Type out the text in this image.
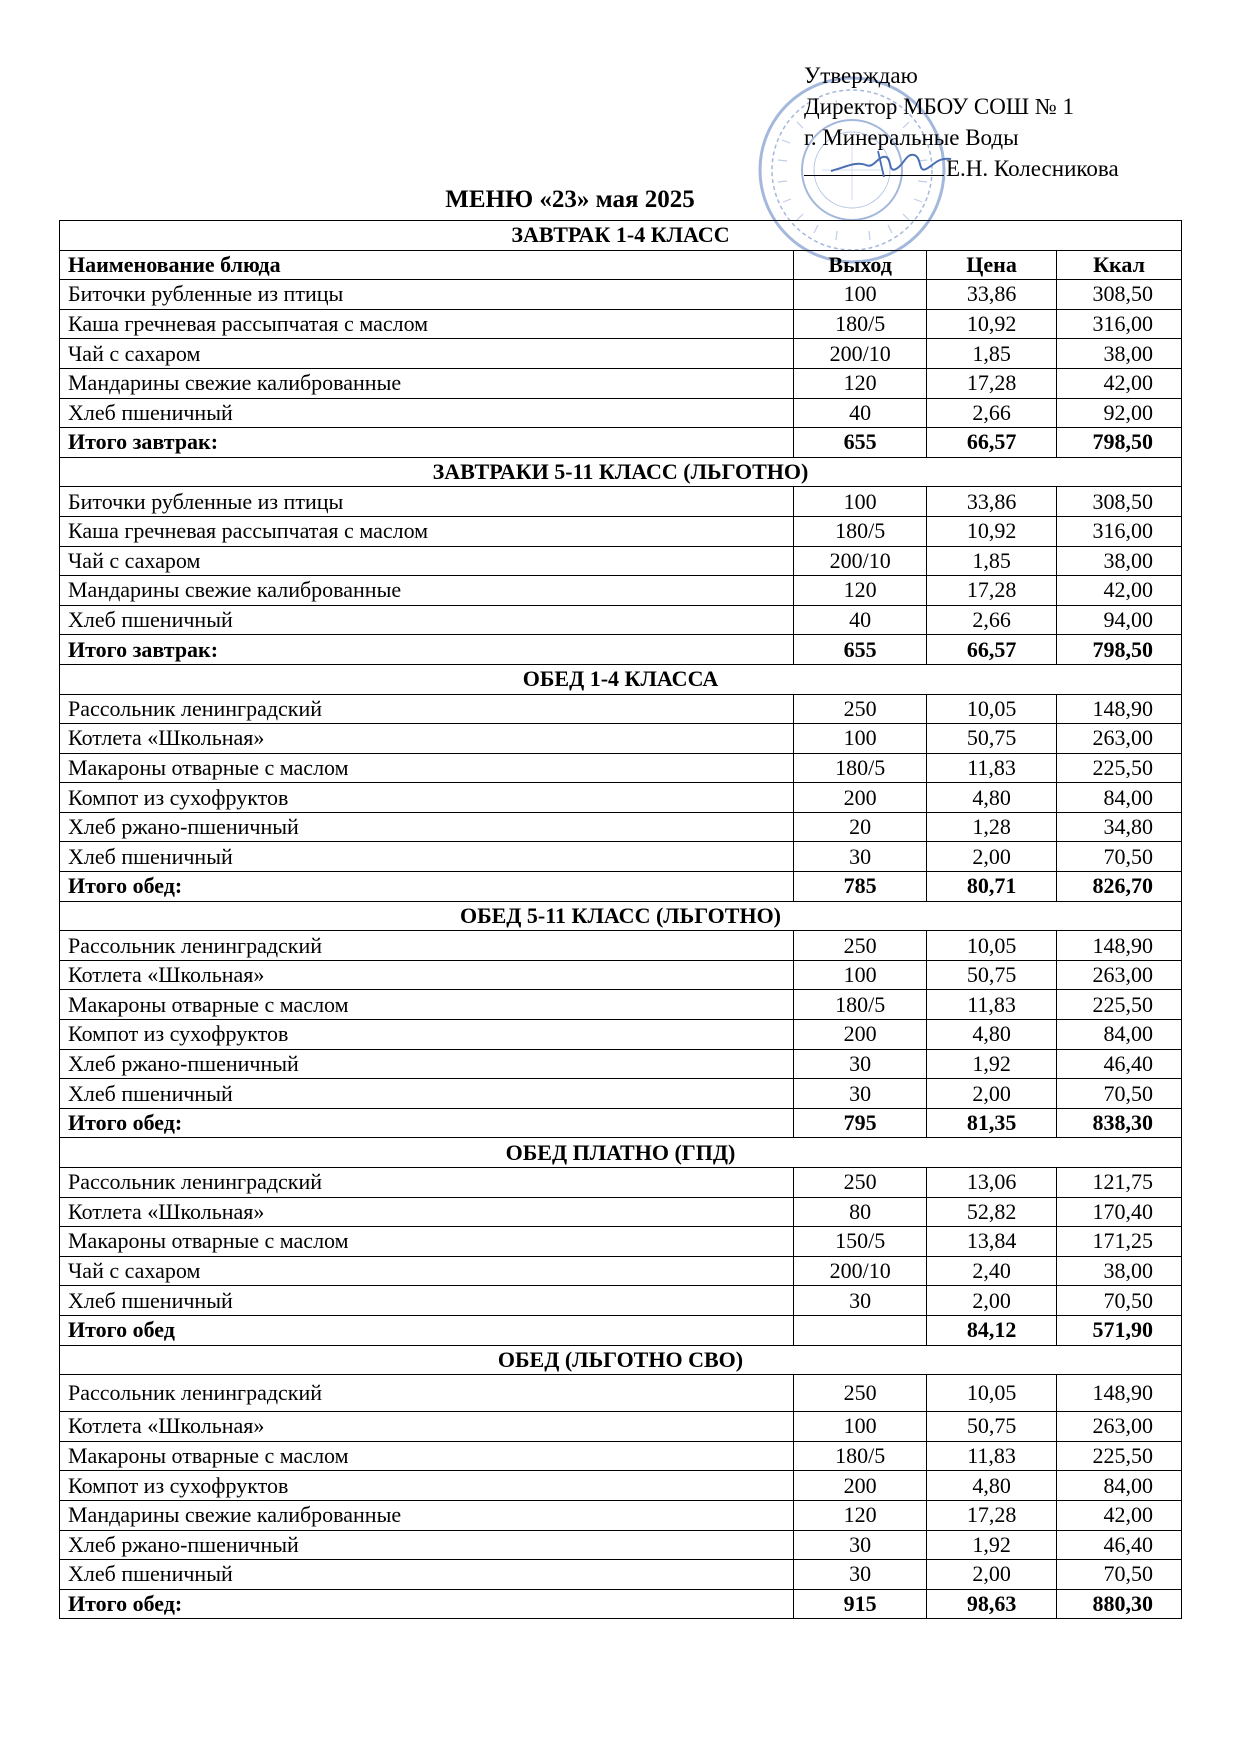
Утверждаю
Директор МБОУ СОШ № 1
г. Минеральные Воды
Е.Н. Колесникова
МЕНЮ «23» мая 2025
ЗАВТРАК 1-4 КЛАСС			
Наименование блюда	Выход	Цена	Ккал
Биточки рубленные из птицы	100	33,86	308,50
Каша гречневая рассыпчатая с маслом	180/5	10,92	316,00
Чай с сахаром	200/10	1,85	38,00
Мандарины свежие калиброванные	120	17,28	42,00
Хлеб пшеничный	40	2,66	92,00
Итого завтрак:	655	66,57	798,50
ЗАВТРАКИ 5-11 КЛАСС (ЛЬГОТНО)			
Биточки рубленные из птицы	100	33,86	308,50
Каша гречневая рассыпчатая с маслом	180/5	10,92	316,00
Чай с сахаром	200/10	1,85	38,00
Мандарины свежие калиброванные	120	17,28	42,00
Хлеб пшеничный	40	2,66	94,00
Итого завтрак:	655	66,57	798,50
ОБЕД 1-4 КЛАССА			
Рассольник ленинградский	250	10,05	148,90
Котлета «Школьная»	100	50,75	263,00
Макароны отварные с маслом	180/5	11,83	225,50
Компот из сухофруктов	200	4,80	84,00
Хлеб ржано-пшеничный	20	1,28	34,80
Хлеб пшеничный	30	2,00	70,50
Итого обед:	785	80,71	826,70
ОБЕД 5-11 КЛАСС (ЛЬГОТНО)			
Рассольник ленинградский	250	10,05	148,90
Котлета «Школьная»	100	50,75	263,00
Макароны отварные с маслом	180/5	11,83	225,50
Компот из сухофруктов	200	4,80	84,00
Хлеб ржано-пшеничный	30	1,92	46,40
Хлеб пшеничный	30	2,00	70,50
Итого обед:	795	81,35	838,30
ОБЕД ПЛАТНО (ГПД)			
Рассольник ленинградский	250	13,06	121,75
Котлета «Школьная»	80	52,82	170,40
Макароны отварные с маслом	150/5	13,84	171,25
Чай с сахаром	200/10	2,40	38,00
Хлеб пшеничный	30	2,00	70,50
Итого обед		84,12	571,90
ОБЕД (ЛЬГОТНО СВО)			
Рассольник ленинградский	250	10,05	148,90
Котлета «Школьная»	100	50,75	263,00
Макароны отварные с маслом	180/5	11,83	225,50
Компот из сухофруктов	200	4,80	84,00
Мандарины свежие калиброванные	120	17,28	42,00
Хлеб ржано-пшеничный	30	1,92	46,40
Хлеб пшеничный	30	2,00	70,50
Итого обед:	915	98,63	880,30
